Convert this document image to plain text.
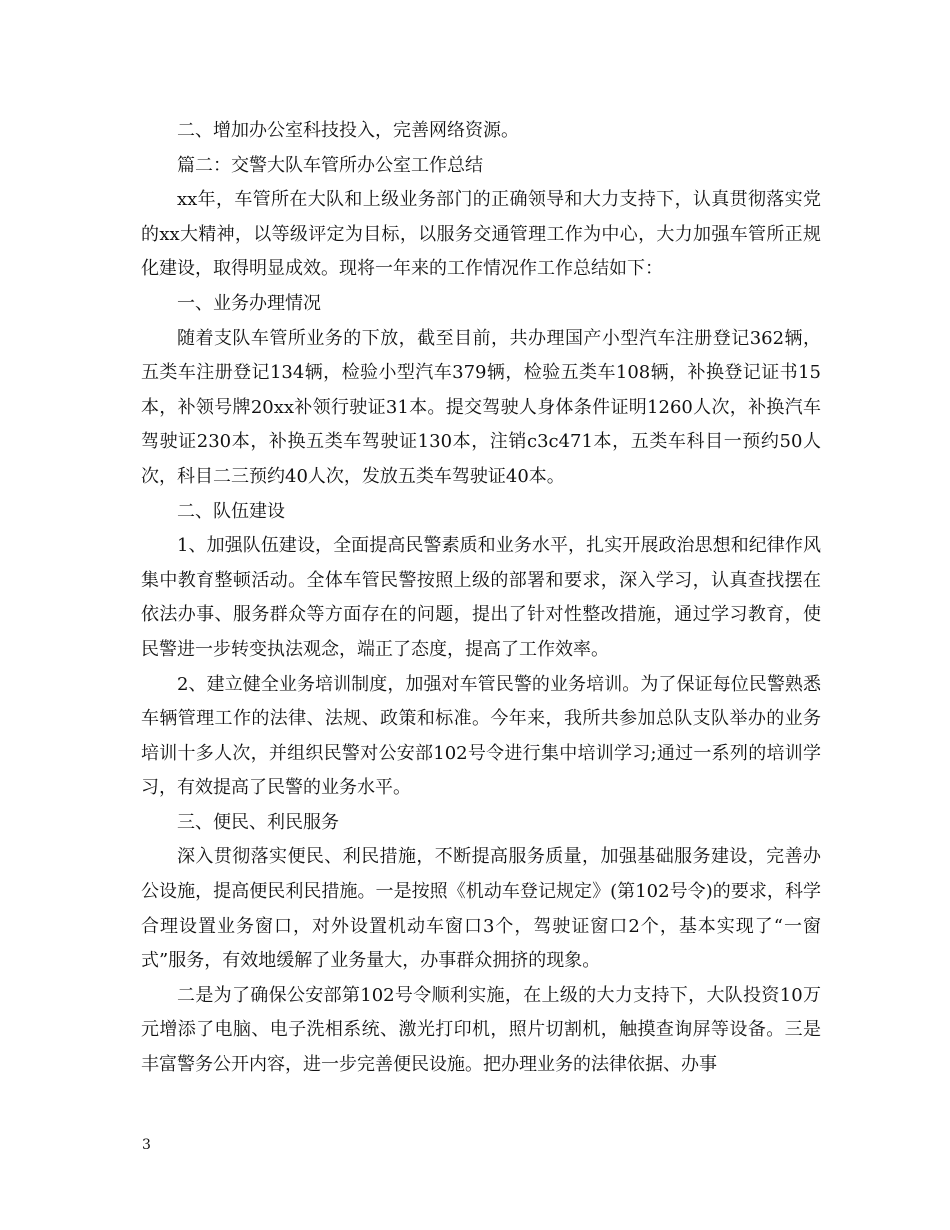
二、增加办公室科技投入，完善网络资源。

篇二：交警大队车管所办公室工作总结

xx年，车管所在大队和上级业务部门的正确领导和大力支持下，认真贯彻落实党的xx大精神，以等级评定为目标，以服务交通管理工作为中心，大力加强车管所正规化建设，取得明显成效。现将一年来的工作情况作工作总结如下：

一、业务办理情况

随着支队车管所业务的下放，截至目前，共办理国产小型汽车注册登记362辆，五类车注册登记134辆，检验小型汽车379辆，检验五类车108辆，补换登记证书15本，补领号牌20xx补领行驶证31本。提交驾驶人身体条件证明1260人次，补换汽车驾驶证230本，补换五类车驾驶证130本，注销c3c471本，五类车科目一预约50人次，科目二三预约40人次，发放五类车驾驶证40本。

二、队伍建设

1、加强队伍建设，全面提高民警素质和业务水平，扎实开展政治思想和纪律作风集中教育整顿活动。全体车管民警按照上级的部署和要求，深入学习，认真查找摆在依法办事、服务群众等方面存在的问题，提出了针对性整改措施，通过学习教育，使民警进一步转变执法观念，端正了态度，提高了工作效率。

2、建立健全业务培训制度，加强对车管民警的业务培训。为了保证每位民警熟悉车辆管理工作的法律、法规、政策和标准。今年来，我所共参加总队支队举办的业务培训十多人次，并组织民警对公安部102号令进行集中培训学习;通过一系列的培训学习，有效提高了民警的业务水平。

三、便民、利民服务

深入贯彻落实便民、利民措施，不断提高服务质量，加强基础服务建设，完善办公设施，提高便民利民措施。一是按照《机动车登记规定》(第102号令)的要求，科学合理设置业务窗口，对外设置机动车窗口3个，驾驶证窗口2个，基本实现了“一窗式”服务，有效地缓解了业务量大，办事群众拥挤的现象。

二是为了确保公安部第102号令顺利实施，在上级的大力支持下，大队投资10万元增添了电脑、电子洗相系统、激光打印机，照片切割机，触摸查询屏等设备。三是丰富警务公开内容，进一步完善便民设施。把办理业务的法律依据、办事

3
